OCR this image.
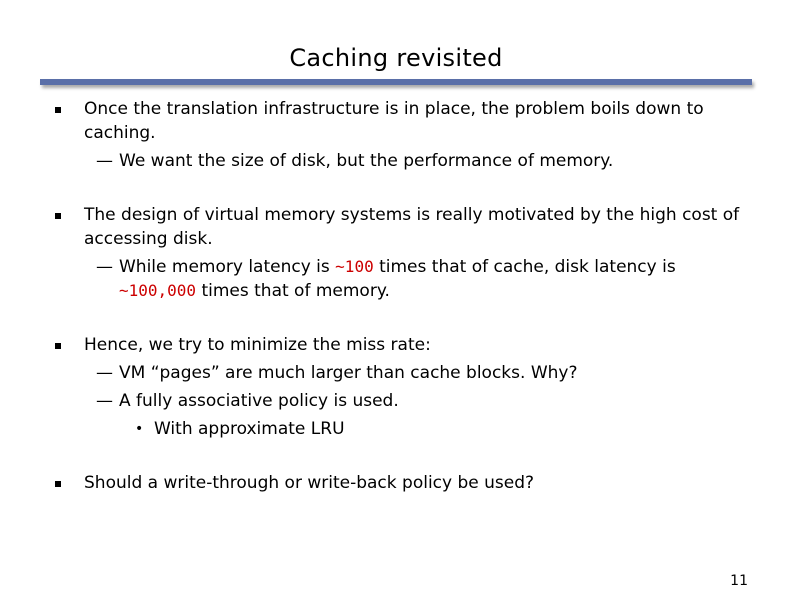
Caching revisited
Once the translation infrastructure is in place, the problem boils down to caching.
— We want the size of disk, but the performance of memory.
The design of virtual memory systems is really motivated by the high cost of accessing disk.
— While memory latency is ~100 times that of cache, disk latency is ~100,000 times that of memory.
Hence, we try to minimize the miss rate:
— VM “pages” are much larger than cache blocks. Why?
— A fully associative policy is used.
• With approximate LRU
Should a write-through or write-back policy be used?
11
